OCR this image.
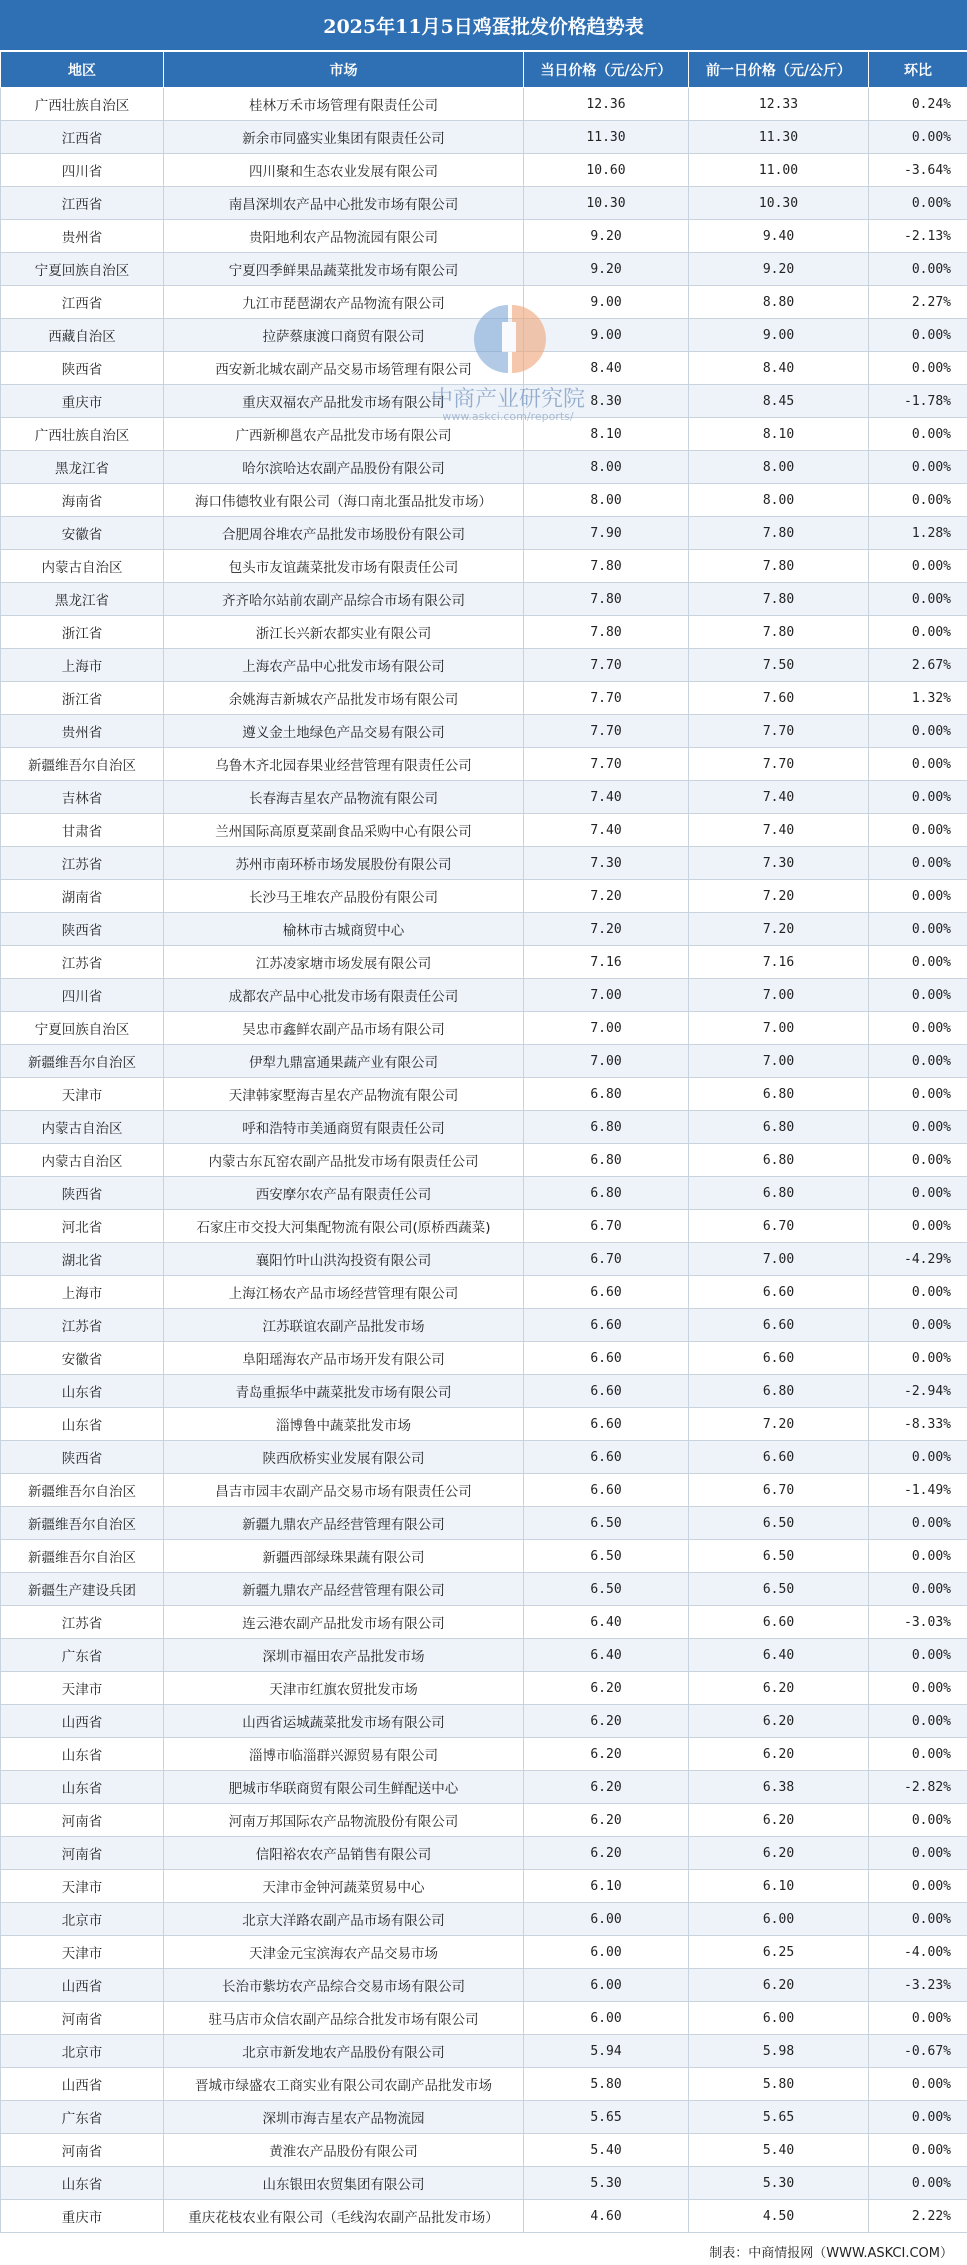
2025年11月5日鸡蛋批发价格趋势表
地区	市场	当日价格（元/公斤）	前一日价格（元/公斤）	环比
广西壮族自治区	桂林万禾市场管理有限责任公司	12.36	12.33	0.24%
江西省	新余市同盛实业集团有限责任公司	11.30	11.30	0.00%
四川省	四川聚和生态农业发展有限公司	10.60	11.00	-3.64%
江西省	南昌深圳农产品中心批发市场有限公司	10.30	10.30	0.00%
贵州省	贵阳地利农产品物流园有限公司	9.20	9.40	-2.13%
宁夏回族自治区	宁夏四季鲜果品蔬菜批发市场有限公司	9.20	9.20	0.00%
江西省	九江市琵琶湖农产品物流有限公司	9.00	8.80	2.27%
西藏自治区	拉萨蔡康渡口商贸有限公司	9.00	9.00	0.00%
陕西省	西安新北城农副产品交易市场管理有限公司	8.40	8.40	0.00%
重庆市	重庆双福农产品批发市场有限公司	8.30	8.45	-1.78%
广西壮族自治区	广西新柳邕农产品批发市场有限公司	8.10	8.10	0.00%
黑龙江省	哈尔滨哈达农副产品股份有限公司	8.00	8.00	0.00%
海南省	海口伟德牧业有限公司（海口南北蛋品批发市场）	8.00	8.00	0.00%
安徽省	合肥周谷堆农产品批发市场股份有限公司	7.90	7.80	1.28%
内蒙古自治区	包头市友谊蔬菜批发市场有限责任公司	7.80	7.80	0.00%
黑龙江省	齐齐哈尔站前农副产品综合市场有限公司	7.80	7.80	0.00%
浙江省	浙江长兴新农都实业有限公司	7.80	7.80	0.00%
上海市	上海农产品中心批发市场有限公司	7.70	7.50	2.67%
浙江省	余姚海吉新城农产品批发市场有限公司	7.70	7.60	1.32%
贵州省	遵义金土地绿色产品交易有限公司	7.70	7.70	0.00%
新疆维吾尔自治区	乌鲁木齐北园春果业经营管理有限责任公司	7.70	7.70	0.00%
吉林省	长春海吉星农产品物流有限公司	7.40	7.40	0.00%
甘肃省	兰州国际高原夏菜副食品采购中心有限公司	7.40	7.40	0.00%
江苏省	苏州市南环桥市场发展股份有限公司	7.30	7.30	0.00%
湖南省	长沙马王堆农产品股份有限公司	7.20	7.20	0.00%
陕西省	榆林市古城商贸中心	7.20	7.20	0.00%
江苏省	江苏凌家塘市场发展有限公司	7.16	7.16	0.00%
四川省	成都农产品中心批发市场有限责任公司	7.00	7.00	0.00%
宁夏回族自治区	吴忠市鑫鲜农副产品市场有限公司	7.00	7.00	0.00%
新疆维吾尔自治区	伊犁九鼎富通果蔬产业有限公司	7.00	7.00	0.00%
天津市	天津韩家墅海吉星农产品物流有限公司	6.80	6.80	0.00%
内蒙古自治区	呼和浩特市美通商贸有限责任公司	6.80	6.80	0.00%
内蒙古自治区	内蒙古东瓦窑农副产品批发市场有限责任公司	6.80	6.80	0.00%
陕西省	西安摩尔农产品有限责任公司	6.80	6.80	0.00%
河北省	石家庄市交投大河集配物流有限公司(原桥西蔬菜)	6.70	6.70	0.00%
湖北省	襄阳竹叶山洪沟投资有限公司	6.70	7.00	-4.29%
上海市	上海江杨农产品市场经营管理有限公司	6.60	6.60	0.00%
江苏省	江苏联谊农副产品批发市场	6.60	6.60	0.00%
安徽省	阜阳瑶海农产品市场开发有限公司	6.60	6.60	0.00%
山东省	青岛重振华中蔬菜批发市场有限公司	6.60	6.80	-2.94%
山东省	淄博鲁中蔬菜批发市场	6.60	7.20	-8.33%
陕西省	陕西欣桥实业发展有限公司	6.60	6.60	0.00%
新疆维吾尔自治区	昌吉市园丰农副产品交易市场有限责任公司	6.60	6.70	-1.49%
新疆维吾尔自治区	新疆九鼎农产品经营管理有限公司	6.50	6.50	0.00%
新疆维吾尔自治区	新疆西部绿珠果蔬有限公司	6.50	6.50	0.00%
新疆生产建设兵团	新疆九鼎农产品经营管理有限公司	6.50	6.50	0.00%
江苏省	连云港农副产品批发市场有限公司	6.40	6.60	-3.03%
广东省	深圳市福田农产品批发市场	6.40	6.40	0.00%
天津市	天津市红旗农贸批发市场	6.20	6.20	0.00%
山西省	山西省运城蔬菜批发市场有限公司	6.20	6.20	0.00%
山东省	淄博市临淄群兴源贸易有限公司	6.20	6.20	0.00%
山东省	肥城市华联商贸有限公司生鲜配送中心	6.20	6.38	-2.82%
河南省	河南万邦国际农产品物流股份有限公司	6.20	6.20	0.00%
河南省	信阳裕农农产品销售有限公司	6.20	6.20	0.00%
天津市	天津市金钟河蔬菜贸易中心	6.10	6.10	0.00%
北京市	北京大洋路农副产品市场有限公司	6.00	6.00	0.00%
天津市	天津金元宝滨海农产品交易市场	6.00	6.25	-4.00%
山西省	长治市紫坊农产品综合交易市场有限公司	6.00	6.20	-3.23%
河南省	驻马店市众信农副产品综合批发市场有限公司	6.00	6.00	0.00%
北京市	北京市新发地农产品股份有限公司	5.94	5.98	-0.67%
山西省	晋城市绿盛农工商实业有限公司农副产品批发市场	5.80	5.80	0.00%
广东省	深圳市海吉星农产品物流园	5.65	5.65	0.00%
河南省	黄淮农产品股份有限公司	5.40	5.40	0.00%
山东省	山东银田农贸集团有限公司	5.30	5.30	0.00%
重庆市	重庆花枝农业有限公司（毛线沟农副产品批发市场）	4.60	4.50	2.22%
中商产业研究院
www.askci.com/reports/
制表：中商情报网（WWW.ASKCI.COM）
